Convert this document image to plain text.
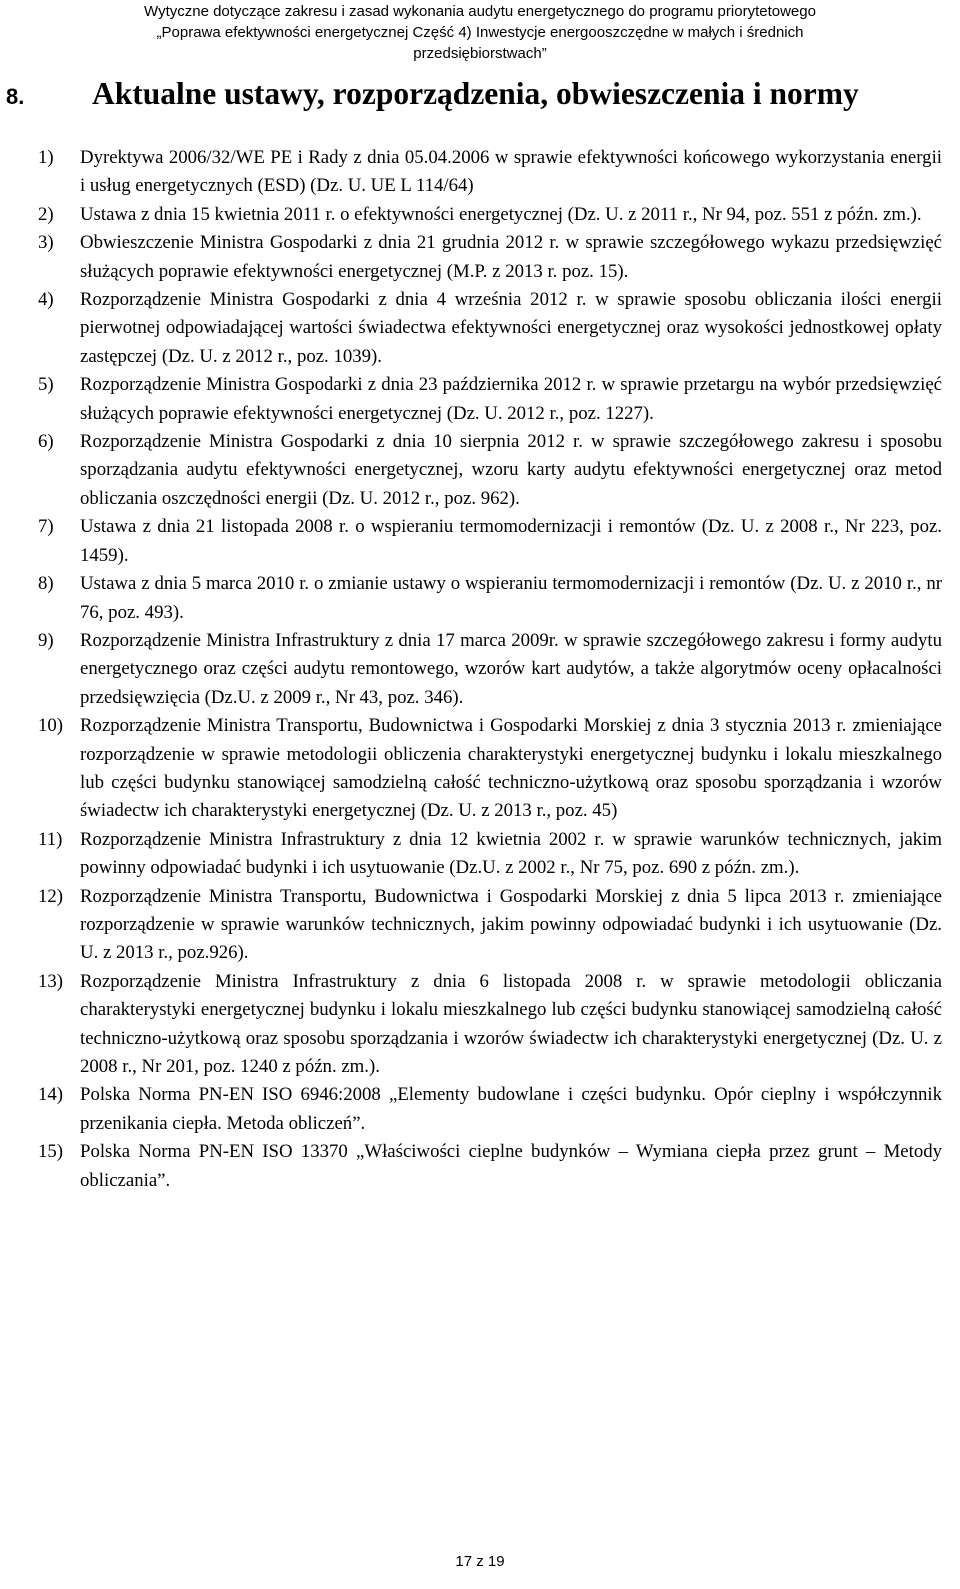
Wytyczne dotyczące zakresu i zasad wykonania audytu energetycznego do programu priorytetowego
„Poprawa efektywności energetycznej Część 4) Inwestycje energooszczędne w małych i średnich
przedsiębiorstwach”
8. Aktualne ustawy, rozporządzenia, obwieszczenia i normy
1) Dyrektywa 2006/32/WE PE i Rady z dnia 05.04.2006 w sprawie efektywności końcowego wykorzystania energii i usług energetycznych (ESD) (Dz. U. UE L 114/64)
2) Ustawa z dnia 15 kwietnia 2011 r. o efektywności energetycznej (Dz. U. z 2011 r., Nr 94, poz. 551 z późn. zm.).
3) Obwieszczenie Ministra Gospodarki z dnia 21 grudnia 2012 r. w sprawie szczegółowego wykazu przedsięwzięć służących poprawie efektywności energetycznej (M.P. z 2013 r. poz. 15).
4) Rozporządzenie Ministra Gospodarki z dnia 4 września 2012 r. w sprawie sposobu obliczania ilości energii pierwotnej odpowiadającej wartości świadectwa efektywności energetycznej oraz wysokości jednostkowej opłaty zastępczej (Dz. U. z 2012 r., poz. 1039).
5) Rozporządzenie Ministra Gospodarki z dnia 23 października 2012 r. w sprawie przetargu na wybór przedsięwzięć służących poprawie efektywności energetycznej (Dz. U. 2012 r., poz. 1227).
6) Rozporządzenie Ministra Gospodarki z dnia 10 sierpnia 2012 r. w sprawie szczegółowego zakresu i sposobu sporządzania audytu efektywności energetycznej, wzoru karty audytu efektywności energetycznej oraz metod obliczania oszczędności energii (Dz. U. 2012 r., poz. 962).
7) Ustawa z dnia 21 listopada 2008 r. o wspieraniu termomodernizacji i remontów (Dz. U. z 2008 r., Nr 223, poz. 1459).
8) Ustawa z dnia 5 marca 2010 r. o zmianie ustawy o wspieraniu termomodernizacji i remontów (Dz. U. z 2010 r., nr 76, poz. 493).
9) Rozporządzenie Ministra Infrastruktury z dnia 17 marca 2009r. w sprawie szczegółowego zakresu i formy audytu energetycznego oraz części audytu remontowego, wzorów kart audytów, a także algorytmów oceny opłacalności przedsięwzięcia (Dz.U. z 2009 r., Nr 43, poz. 346).
10) Rozporządzenie Ministra Transportu, Budownictwa i Gospodarki Morskiej z dnia 3 stycznia 2013 r. zmieniające rozporządzenie w sprawie metodologii obliczenia charakterystyki energetycznej budynku i lokalu mieszkalnego lub części budynku stanowiącej samodzielną całość techniczno-użytkową oraz sposobu sporządzania i wzorów świadectw ich charakterystyki energetycznej (Dz. U. z 2013 r., poz. 45)
11) Rozporządzenie Ministra Infrastruktury z dnia 12 kwietnia 2002 r. w sprawie warunków technicznych, jakim powinny odpowiadać budynki i ich usytuowanie (Dz.U. z 2002 r., Nr 75, poz. 690 z późn. zm.).
12) Rozporządzenie Ministra Transportu, Budownictwa i Gospodarki Morskiej z dnia 5 lipca 2013 r. zmieniające rozporządzenie w sprawie warunków technicznych, jakim powinny odpowiadać budynki i ich usytuowanie (Dz. U. z 2013 r., poz.926).
13) Rozporządzenie Ministra Infrastruktury z dnia 6 listopada 2008 r. w sprawie metodologii obliczania charakterystyki energetycznej budynku i lokalu mieszkalnego lub części budynku stanowiącej samodzielną całość techniczno-użytkową oraz sposobu sporządzania i wzorów świadectw ich charakterystyki energetycznej (Dz. U. z 2008 r., Nr 201, poz. 1240 z późn. zm.).
14) Polska Norma PN-EN ISO 6946:2008 „Elementy budowlane i części budynku. Opór cieplny i współczynnik przenikania ciepła. Metoda obliczeń”.
15) Polska Norma PN-EN ISO 13370 „Właściwości cieplne budynków – Wymiana ciepła przez grunt – Metody obliczania”.
17 z 19
